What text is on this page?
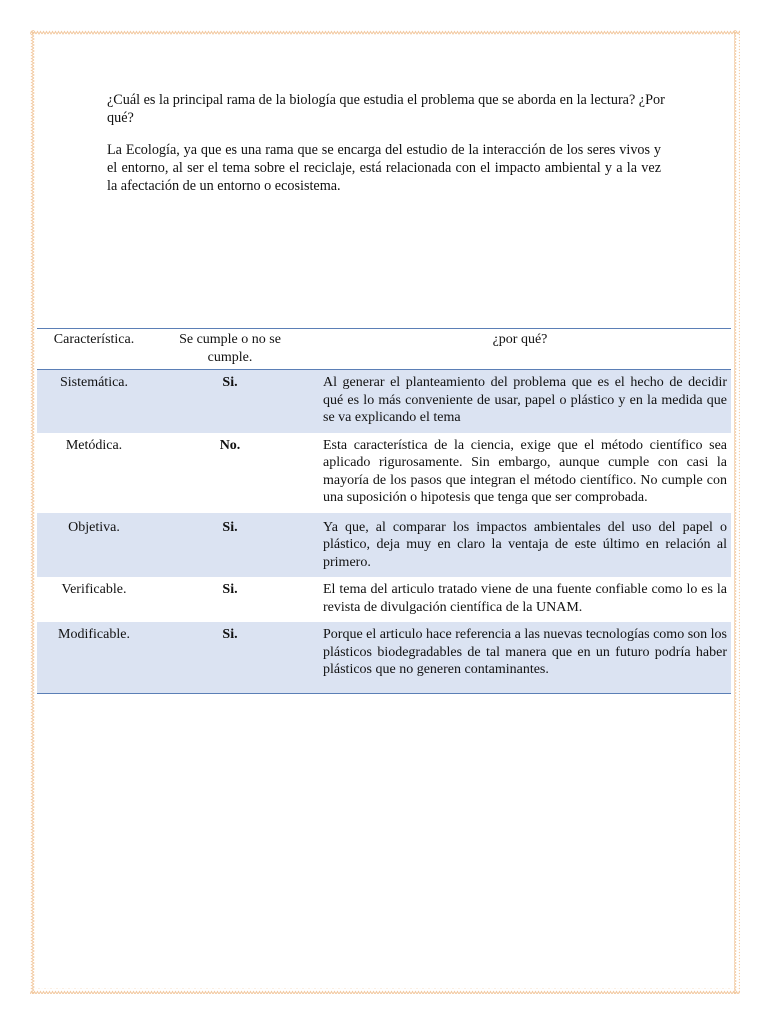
¿Cuál es la principal rama de la biología que estudia el problema que se aborda en la lectura? ¿Por qué?

La Ecología, ya que es una rama que se encarga del estudio de la interacción de los seres vivos y el entorno, al ser el tema sobre el reciclaje, está relacionada con el impacto ambiental y a la vez la afectación de un entorno o ecosistema.

Característica.	Se cumple o no se cumple.	¿por qué?
Sistemática.	Si.	Al generar el planteamiento del problema que es el hecho de decidir qué es lo más conveniente de usar, papel o plástico y en la medida que se va explicando el tema
Metódica.	No.	Esta característica de la ciencia, exige que el método científico sea aplicado rigurosamente. Sin embargo, aunque cumple con casi la mayoría de los pasos que integran el método científico. No cumple con una suposición o hipotesis que tenga que ser comprobada.
Objetiva.	Si.	Ya que, al comparar los impactos ambientales del uso del papel o plástico, deja muy en claro la ventaja de este último en relación al primero.
Verificable.	Si.	El tema del articulo tratado viene de una fuente confiable como lo es la revista de divulgación científica de la UNAM.
Modificable.	Si.	Porque el articulo hace referencia a las nuevas tecnologías como son los plásticos biodegradables de tal manera que en un futuro podría haber plásticos que no generen contaminantes.
